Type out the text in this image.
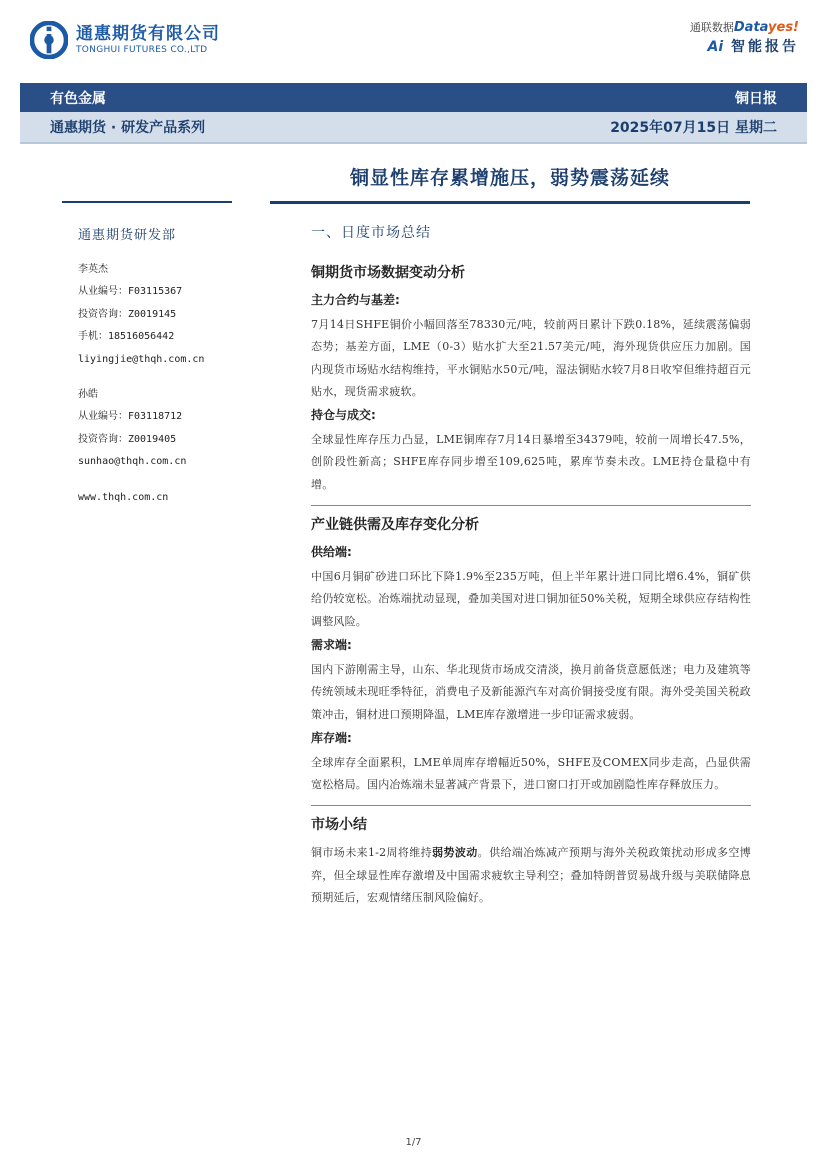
通惠期货有限公司
TONGHUI FUTURES CO.,LTD
通联数据Datayes!
Ai 智能报告
有色金属	铜日报
通惠期货 · 研发产品系列	2025年07月15日 星期二
铜显性库存累增施压，弱势震荡延续
通惠期货研发部
李英杰
从业编号：F03115367
投资咨询：Z0019145
手机：18516056442
liyingjie@thqh.com.cn
孙皓
从业编号：F03118712
投资咨询：Z0019405
sunhao@thqh.com.cn
www.thqh.com.cn
一、日度市场总结
铜期货市场数据变动分析
主力合约与基差:

7月14日SHFE铜价小幅回落至78330元/吨，较前两日累计下跌0.18%，延续震荡偏弱态势；基差方面，LME（0-3）贴水扩大至21.57美元/吨，海外现货供应压力加剧。国内现货市场贴水结构维持，平水铜贴水50元/吨，湿法铜贴水较7月8日收窄但维持超百元贴水，现货需求疲软。

持仓与成交:

全球显性库存压力凸显，LME铜库存7月14日暴增至34379吨，较前一周增长47.5%，创阶段性新高；SHFE库存同步增至109,625吨，累库节奏未改。LME持仓量稳中有增。

产业链供需及库存变化分析
供给端:

中国6月铜矿砂进口环比下降1.9%至235万吨，但上半年累计进口同比增6.4%，铜矿供给仍较宽松。冶炼端扰动显现，叠加美国对进口铜加征50%关税，短期全球供应存结构性调整风险。

需求端:

国内下游刚需主导，山东、华北现货市场成交清淡，换月前备货意愿低迷；电力及建筑等传统领域未现旺季特征，消费电子及新能源汽车对高价铜接受度有限。海外受美国关税政策冲击，铜材进口预期降温，LME库存激增进一步印证需求疲弱。

库存端:

全球库存全面累积，LME单周库存增幅近50%，SHFE及COMEX同步走高，凸显供需宽松格局。国内冶炼端未显著减产背景下，进口窗口打开或加剧隐性库存释放压力。

市场小结

铜市场未来1-2周将维持弱势波动。供给端冶炼减产预期与海外关税政策扰动形成多空博弈，但全球显性库存激增及中国需求疲软主导利空；叠加特朗普贸易战升级与美联储降息预期延后，宏观情绪压制风险偏好。

1/7
